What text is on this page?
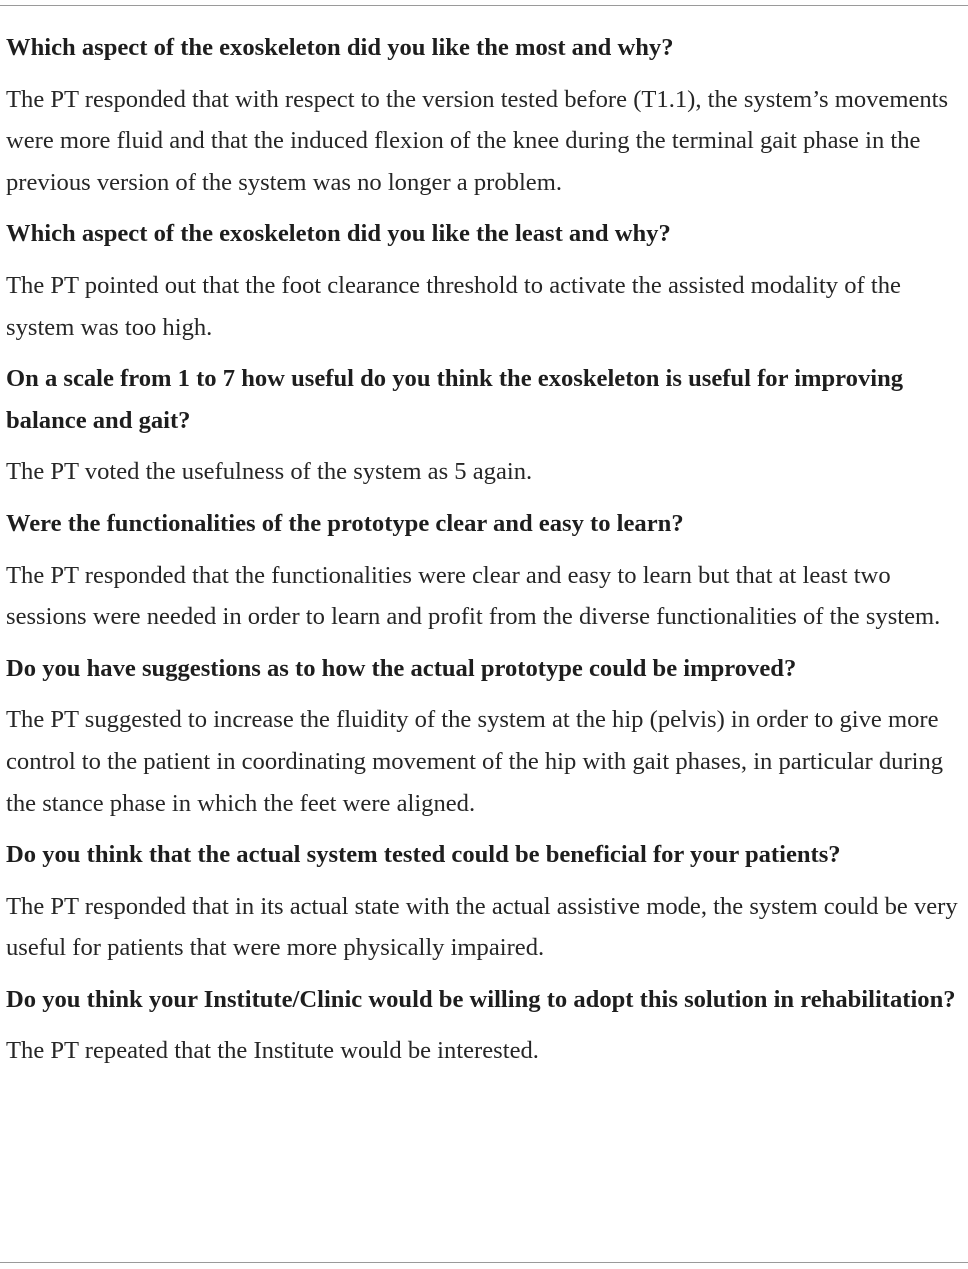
Which aspect of the exoskeleton did you like the most and why?

The PT responded that with respect to the version tested before (T1.1), the system’s movements were more fluid and that the induced flexion of the knee during the terminal gait phase in the previous version of the system was no longer a problem.

Which aspect of the exoskeleton did you like the least and why?

The PT pointed out that the foot clearance threshold to activate the assisted modality of the system was too high.

On a scale from 1 to 7 how useful do you think the exoskeleton is useful for improving balance and gait?

The PT voted the usefulness of the system as 5 again.

Were the functionalities of the prototype clear and easy to learn?

The PT responded that the functionalities were clear and easy to learn but that at least two sessions were needed in order to learn and profit from the diverse functionalities of the system.

Do you have suggestions as to how the actual prototype could be improved?

The PT suggested to increase the fluidity of the system at the hip (pelvis) in order to give more control to the patient in coordinating movement of the hip with gait phases, in particular during the stance phase in which the feet were aligned.

Do you think that the actual system tested could be beneficial for your patients?

The PT responded that in its actual state with the actual assistive mode, the system could be very useful for patients that were more physically impaired.

Do you think your Institute/Clinic would be willing to adopt this solution in rehabilitation?

The PT repeated that the Institute would be interested.
